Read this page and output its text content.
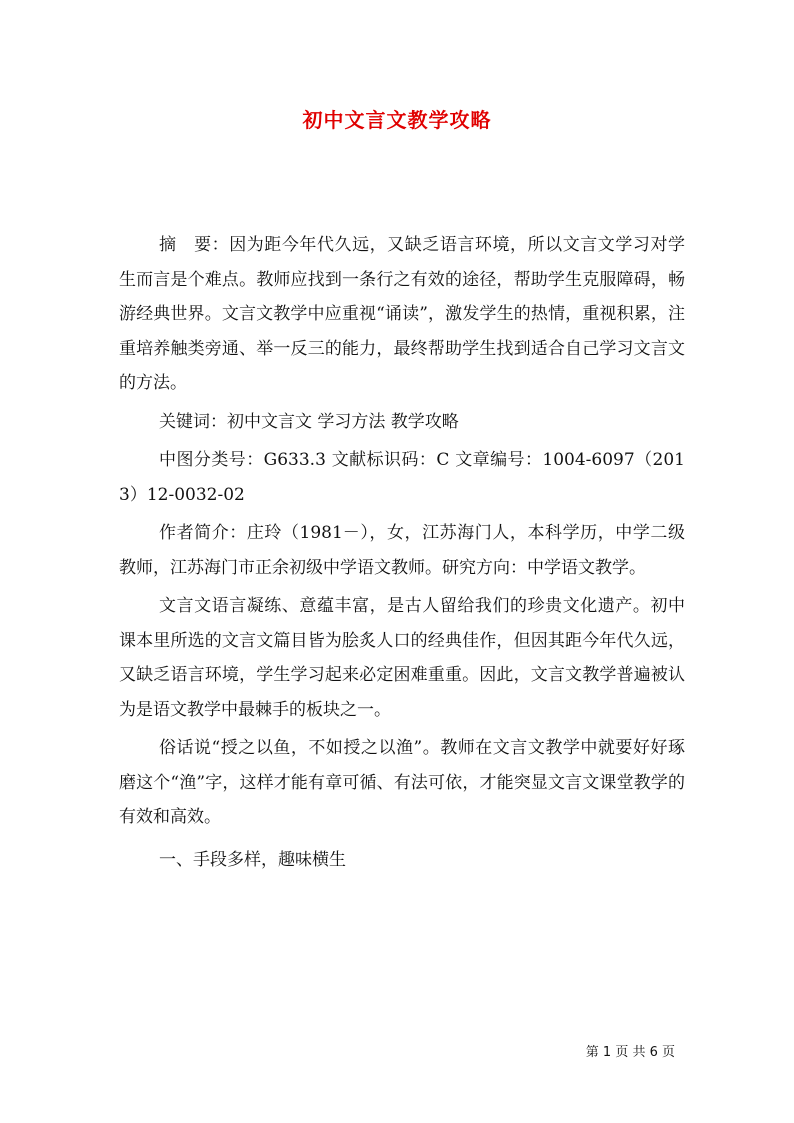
初中文言文教学攻略

摘　要：因为距今年代久远，又缺乏语言环境，所以文言文学习对学生而言是个难点。教师应找到一条行之有效的途径，帮助学生克服障碍，畅游经典世界。文言文教学中应重视“诵读”，激发学生的热情，重视积累，注重培养触类旁通、举一反三的能力，最终帮助学生找到适合自己学习文言文的方法。

关键词：初中文言文 学习方法 教学攻略

中图分类号：G633.3 文献标识码：C 文章编号：1004-6097（2013）12-0032-02

作者简介：庄玲（1981－），女，江苏海门人，本科学历，中学二级教师，江苏海门市正余初级中学语文教师。研究方向：中学语文教学。

文言文语言凝练、意蕴丰富，是古人留给我们的珍贵文化遗产。初中课本里所选的文言文篇目皆为脍炙人口的经典佳作，但因其距今年代久远，又缺乏语言环境，学生学习起来必定困难重重。因此，文言文教学普遍被认为是语文教学中最棘手的板块之一。

俗话说“授之以鱼，不如授之以渔”。教师在文言文教学中就要好好琢磨这个“渔”字，这样才能有章可循、有法可依，才能突显文言文课堂教学的有效和高效。

一、手段多样，趣味横生

第 1 页 共 6 页
